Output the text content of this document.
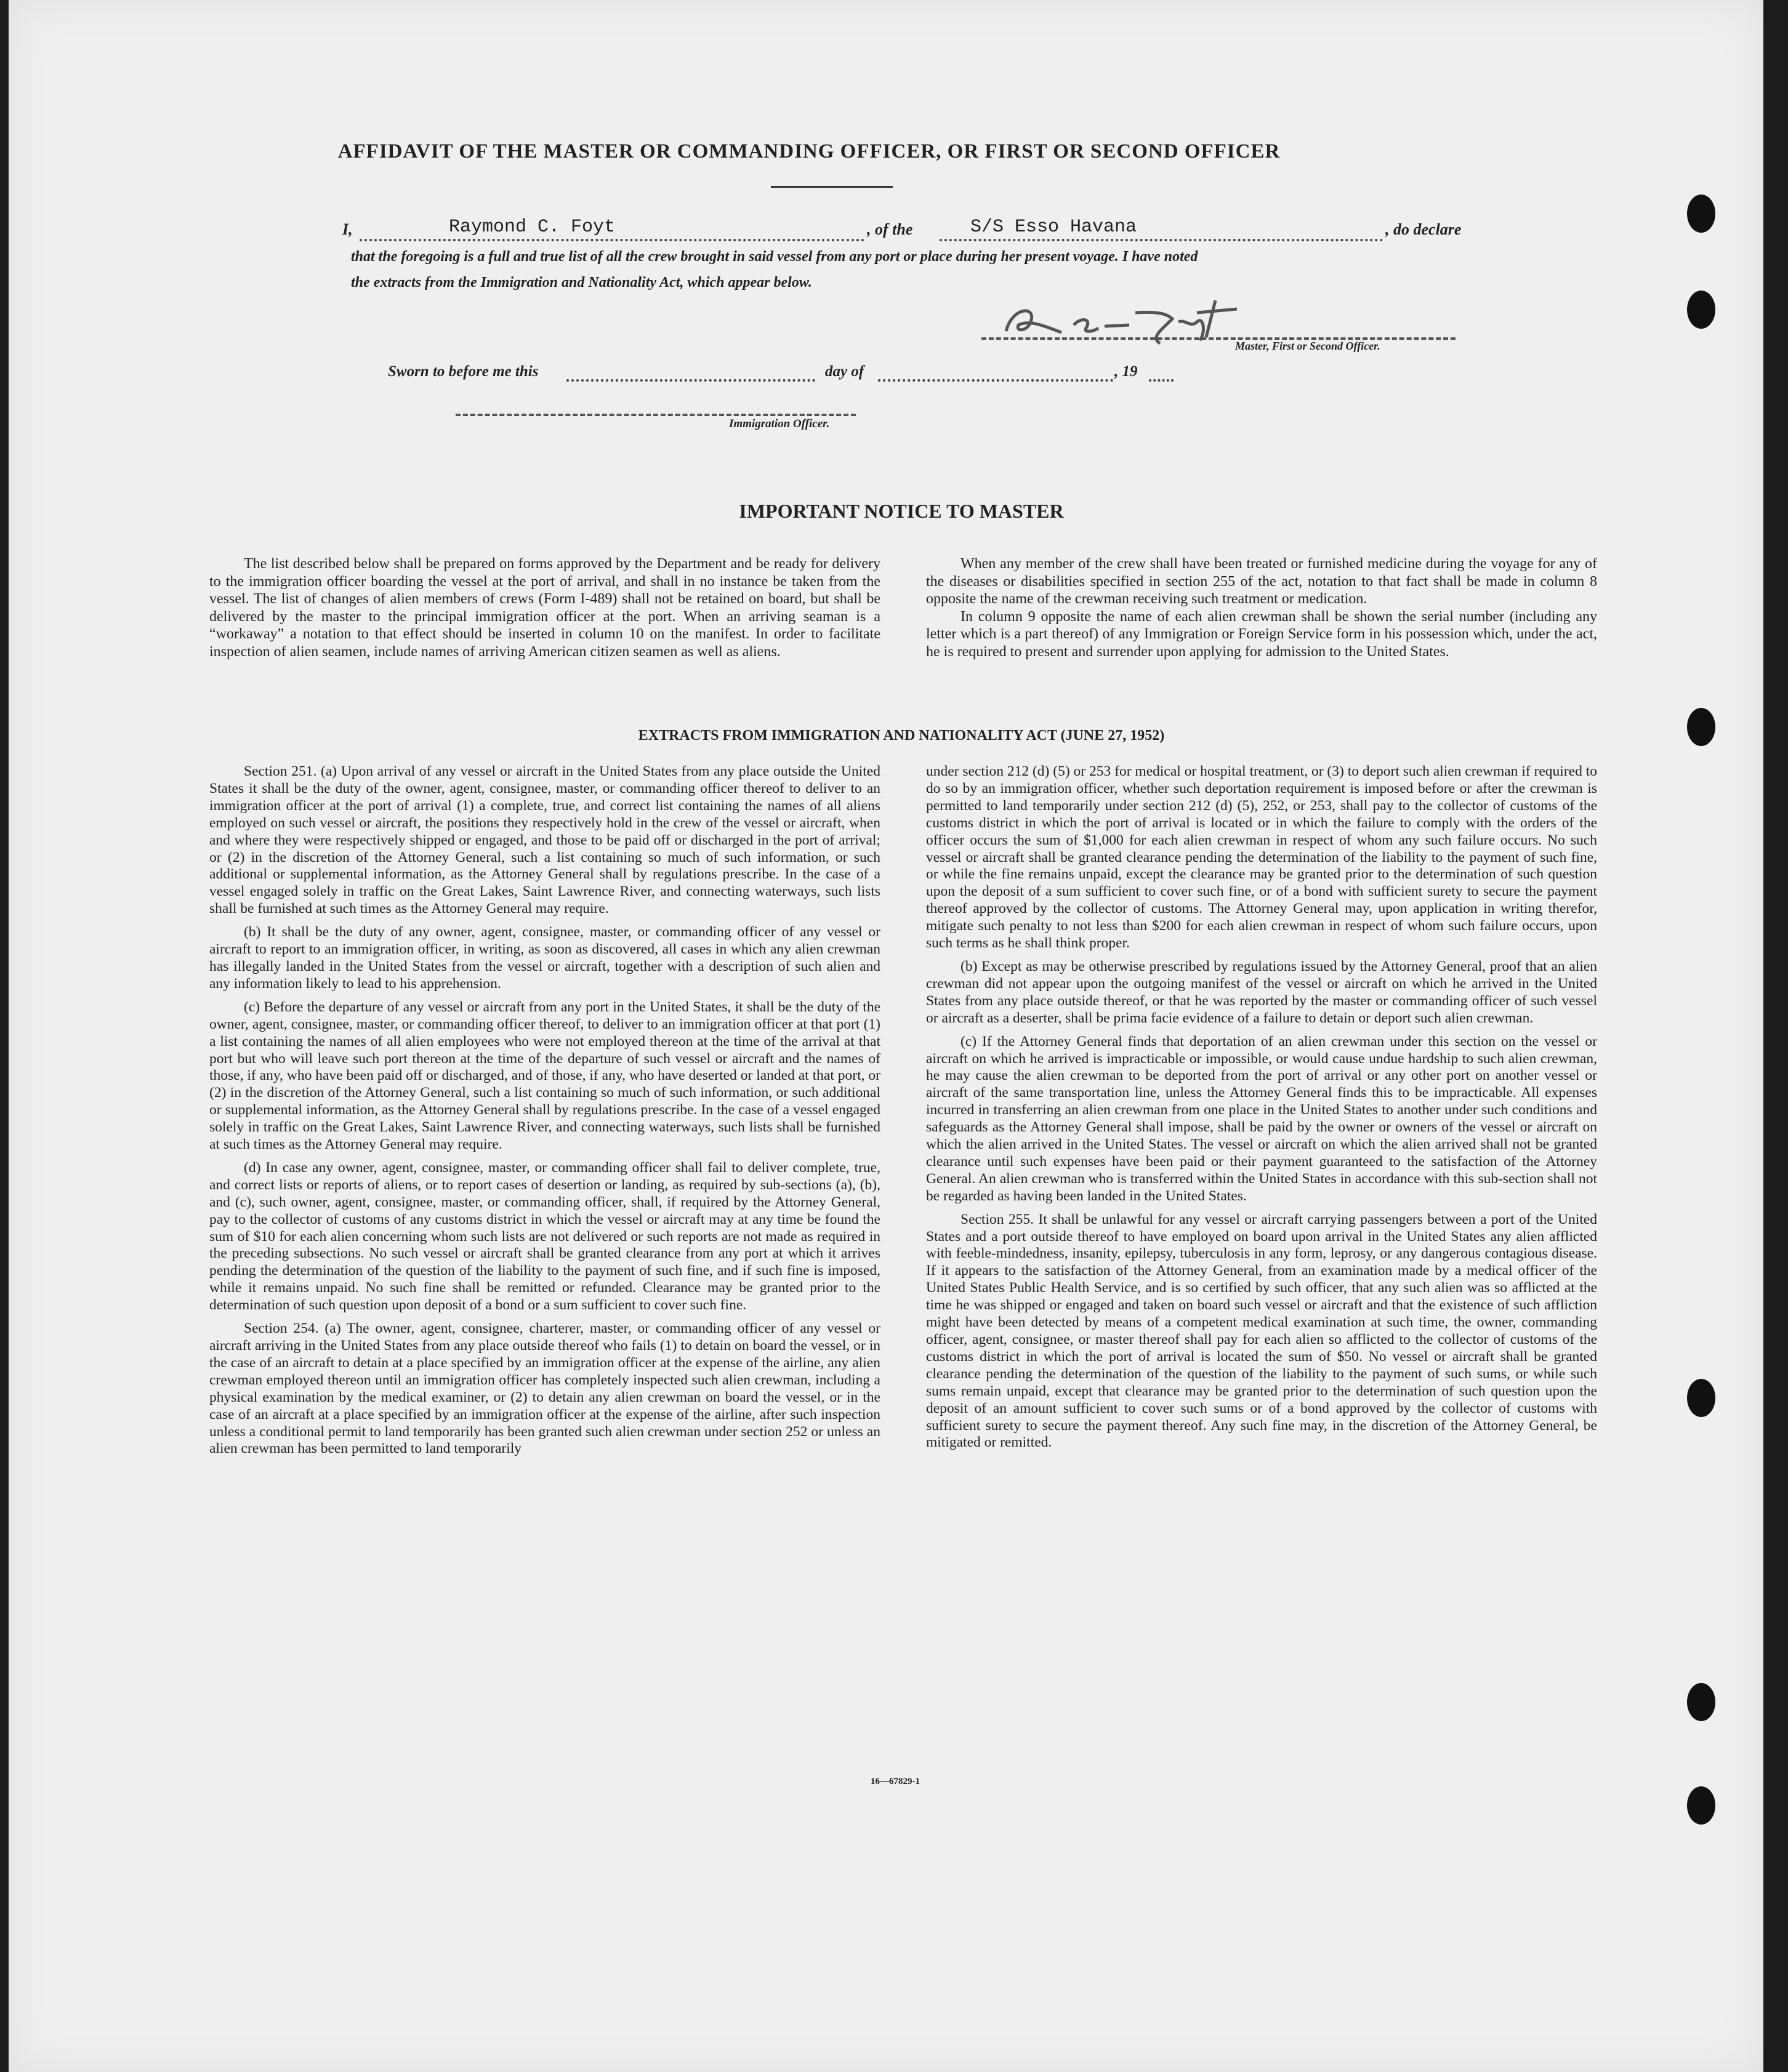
AFFIDAVIT OF THE MASTER OR COMMANDING OFFICER, OR FIRST OR SECOND OFFICER
I,	Raymond C. Foyt	, of the	S/S Esso Havana	, do declare
that the foregoing is a full and true list of all the crew brought in said vessel from any port or place during her present voyage. I have noted
the extracts from the Immigration and Nationality Act, which appear below.
Master, First or Second Officer.
Sworn to before me this	day of	, 19
Immigration Officer.
IMPORTANT NOTICE TO MASTER

The list described below shall be prepared on forms approved by the Department and be ready for delivery to the immigration officer boarding the vessel at the port of arrival, and shall in no instance be taken from the vessel. The list of changes of alien members of crews (Form I-489) shall not be retained on board, but shall be delivered by the master to the principal immigration officer at the port. When an arriving seaman is a “workaway” a notation to that effect should be inserted in column 10 on the manifest. In order to facilitate inspection of alien seamen, include names of arriving American citizen seamen as well as aliens.

When any member of the crew shall have been treated or furnished medicine during the voyage for any of the diseases or disabilities specified in section 255 of the act, notation to that fact shall be made in column 8 opposite the name of the crewman receiving such treatment or medication.

In column 9 opposite the name of each alien crewman shall be shown the serial number (including any letter which is a part thereof) of any Immigration or Foreign Service form in his possession which, under the act, he is required to present and surrender upon applying for admission to the United States.

EXTRACTS FROM IMMIGRATION AND NATIONALITY ACT (JUNE 27, 1952)

Section 251. (a) Upon arrival of any vessel or aircraft in the United States from any place outside the United States it shall be the duty of the owner, agent, consignee, master, or commanding officer thereof to deliver to an immigration officer at the port of arrival (1) a complete, true, and correct list containing the names of all aliens employed on such vessel or aircraft, the positions they respectively hold in the crew of the vessel or aircraft, when and where they were respectively shipped or engaged, and those to be paid off or discharged in the port of arrival; or (2) in the discretion of the Attorney General, such a list containing so much of such information, or such additional or supplemental information, as the Attorney General shall by regulations prescribe. In the case of a vessel engaged solely in traffic on the Great Lakes, Saint Lawrence River, and connecting waterways, such lists shall be furnished at such times as the Attorney General may require.

(b) It shall be the duty of any owner, agent, consignee, master, or commanding officer of any vessel or aircraft to report to an immigration officer, in writing, as soon as discovered, all cases in which any alien crewman has illegally landed in the United States from the vessel or aircraft, together with a description of such alien and any information likely to lead to his apprehension.

(c) Before the departure of any vessel or aircraft from any port in the United States, it shall be the duty of the owner, agent, consignee, master, or commanding officer thereof, to deliver to an immigration officer at that port (1) a list containing the names of all alien employees who were not employed thereon at the time of the arrival at that port but who will leave such port thereon at the time of the departure of such vessel or aircraft and the names of those, if any, who have been paid off or discharged, and of those, if any, who have deserted or landed at that port, or (2) in the discretion of the Attorney General, such a list containing so much of such information, or such additional or supplemental information, as the Attorney General shall by regulations prescribe. In the case of a vessel engaged solely in traffic on the Great Lakes, Saint Lawrence River, and connecting waterways, such lists shall be furnished at such times as the Attorney General may require.

(d) In case any owner, agent, consignee, master, or commanding officer shall fail to deliver complete, true, and correct lists or reports of aliens, or to report cases of desertion or landing, as required by sub-sections (a), (b), and (c), such owner, agent, consignee, master, or commanding officer, shall, if required by the Attorney General, pay to the collector of customs of any customs district in which the vessel or aircraft may at any time be found the sum of $10 for each alien concerning whom such lists are not delivered or such reports are not made as required in the preceding subsections. No such vessel or aircraft shall be granted clearance from any port at which it arrives pending the determination of the question of the liability to the payment of such fine, and if such fine is imposed, while it remains unpaid. No such fine shall be remitted or refunded. Clearance may be granted prior to the determination of such question upon deposit of a bond or a sum sufficient to cover such fine.

Section 254. (a) The owner, agent, consignee, charterer, master, or commanding officer of any vessel or aircraft arriving in the United States from any place outside thereof who fails (1) to detain on board the vessel, or in the case of an aircraft to detain at a place specified by an immigration officer at the expense of the airline, any alien crewman employed thereon until an immigration officer has completely inspected such alien crewman, including a physical examination by the medical examiner, or (2) to detain any alien crewman on board the vessel, or in the case of an aircraft at a place specified by an immigration officer at the expense of the airline, after such inspection unless a conditional permit to land temporarily has been granted such alien crewman under section 252 or unless an alien crewman has been permitted to land temporarily

under section 212 (d) (5) or 253 for medical or hospital treatment, or (3) to deport such alien crewman if required to do so by an immigration officer, whether such deportation requirement is imposed before or after the crewman is permitted to land temporarily under section 212 (d) (5), 252, or 253, shall pay to the collector of customs of the customs district in which the port of arrival is located or in which the failure to comply with the orders of the officer occurs the sum of $1,000 for each alien crewman in respect of whom any such failure occurs. No such vessel or aircraft shall be granted clearance pending the determination of the liability to the payment of such fine, or while the fine remains unpaid, except the clearance may be granted prior to the determination of such question upon the deposit of a sum sufficient to cover such fine, or of a bond with sufficient surety to secure the payment thereof approved by the collector of customs. The Attorney General may, upon application in writing therefor, mitigate such penalty to not less than $200 for each alien crewman in respect of whom such failure occurs, upon such terms as he shall think proper.

(b) Except as may be otherwise prescribed by regulations issued by the Attorney General, proof that an alien crewman did not appear upon the outgoing manifest of the vessel or aircraft on which he arrived in the United States from any place outside thereof, or that he was reported by the master or commanding officer of such vessel or aircraft as a deserter, shall be prima facie evidence of a failure to detain or deport such alien crewman.

(c) If the Attorney General finds that deportation of an alien crewman under this section on the vessel or aircraft on which he arrived is impracticable or impossible, or would cause undue hardship to such alien crewman, he may cause the alien crewman to be deported from the port of arrival or any other port on another vessel or aircraft of the same transportation line, unless the Attorney General finds this to be impracticable. All expenses incurred in transferring an alien crewman from one place in the United States to another under such conditions and safeguards as the Attorney General shall impose, shall be paid by the owner or owners of the vessel or aircraft on which the alien arrived in the United States. The vessel or aircraft on which the alien arrived shall not be granted clearance until such expenses have been paid or their payment guaranteed to the satisfaction of the Attorney General. An alien crewman who is transferred within the United States in accordance with this sub-section shall not be regarded as having been landed in the United States.

Section 255. It shall be unlawful for any vessel or aircraft carrying passengers between a port of the United States and a port outside thereof to have employed on board upon arrival in the United States any alien afflicted with feeble-mindedness, insanity, epilepsy, tuberculosis in any form, leprosy, or any dangerous contagious disease. If it appears to the satisfaction of the Attorney General, from an examination made by a medical officer of the United States Public Health Service, and is so certified by such officer, that any such alien was so afflicted at the time he was shipped or engaged and taken on board such vessel or aircraft and that the existence of such affliction might have been detected by means of a competent medical examination at such time, the owner, commanding officer, agent, consignee, or master thereof shall pay for each alien so afflicted to the collector of customs of the customs district in which the port of arrival is located the sum of $50. No vessel or aircraft shall be granted clearance pending the determination of the question of the liability to the payment of such sums, or while such sums remain unpaid, except that clearance may be granted prior to the determination of such question upon the deposit of an amount sufficient to cover such sums or of a bond approved by the collector of customs with sufficient surety to secure the payment thereof. Any such fine may, in the discretion of the Attorney General, be mitigated or remitted.

16—67829-1
